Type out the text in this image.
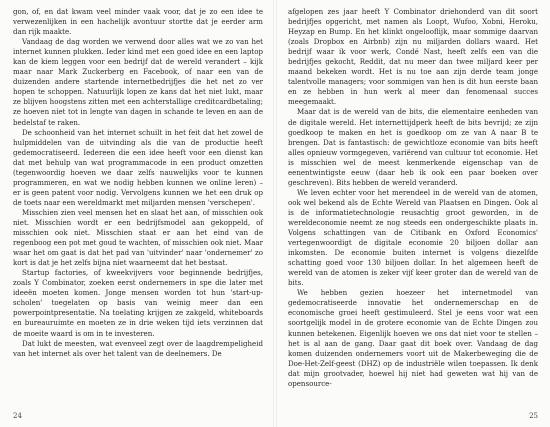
gon, of, en dat kwam veel minder vaak voor, dat je zo een idee te verwezenlijken in een hachelijk avontuur stortte dat je eerder arm dan rijk maakte.

Vandaag de dag worden we verwend door alles wat we zo van het internet kunnen plukken. Ieder kind met een goed idee en een laptop kan de kiem leggen voor een bedrijf dat de wereld verandert – kijk maar naar Mark Zuckerberg en Facebook, of naar een van de duizenden andere startende internetbedrijfjes die het net zo ver hopen te schoppen. Natuurlijk lopen ze kans dat het niet lukt, maar ze blijven hoogstens zitten met een achterstallige creditcardbetaling; ze hoeven niet tot in lengte van dagen in schande te leven en aan de bedelstaf te raken.

De schoonheid van het internet schuilt in het feit dat het zowel de hulpmiddelen van de uitvinding als die van de productie heeft gedemocratiseerd. Iedereen die een idee heeft voor een dienst kan dat met behulp van wat programmacode in een product omzetten (tegenwoordig hoeven we daar zelfs nauwelijks voor te kunnen programmeren, en wat we nodig hebben kunnen we online leren) – er is geen patent voor nodig. Vervolgens kunnen we het een druk op de toets naar een wereldmarkt met miljarden mensen 'verschepen'.

Misschien zien veel mensen het en slaat het aan, of misschien ook niet. Misschien wordt er een bedrijfsmodel aan gekoppeld, of misschien ook niet. Misschien staat er aan het eind van de regenboog een pot met goud te wachten, of misschien ook niet. Maar waar het om gaat is dat het pad van 'uitvinder' naar 'ondernemer' zo kort is dat je het zelfs bijna niet waarneemt dat het bestaat.

Startup factories, of kweekvijvers voor beginnende bedrijfjes, zoals Y Combinator, zoeken eerst ondernemers in spe die later met ideeën moeten komen. Jonge mensen worden tot hun 'start-up-scholen' toegelaten op basis van weinig meer dan een powerpointpresentatie. Na toelating krijgen ze zakgeld, whiteboards en bureauruimte en moeten ze in drie weken tijd iets verzinnen dat de moeite waard is om in te investeren.

Dat lukt de meesten, wat evenveel zegt over de laagdrempeligheid van het internet als over het talent van de deelnemers. De

24

afgelopen zes jaar heeft Y Combinator driehonderd van dit soort bedrijfjes opgericht, met namen als Loopt, Wufoo, Xobni, Heroku, Heyzap en Bump. En het klinkt ongelooflijk, maar sommige daarvan (zoals Dropbox en Airbnb) zijn nu miljarden dollars waard. Het bedrijf waar ik voor werk, Condé Nast, heeft zelfs een van die bedrijfjes gekocht, Reddit, dat nu meer dan twee miljard keer per maand bekeken wordt. Het is nu toe aan zijn derde team jonge talentvolle managers; voor sommigen van hen is dit hun eerste baan en ze hebben in hun werk al meer dan fenomenaal succes meegemaakt.

Maar dat is de wereld van de bits, die elementaire eenheden van de digitale wereld. Het internettijdperk heeft de bits bevrijd; ze zijn goedkoop te maken en het is goedkoop om ze van A naar B te brengen. Dat is fantastisch: de gewichtloze economie van bits heeft alles opnieuw vormgegeven, variërend van cultuur tot economie. Het is misschien wel de meest kenmerkende eigenschap van de eenentwintigste eeuw (daar heb ik ook een paar boeken over geschreven). Bits hebben de wereld veranderd.

We leven echter voor het merendeel in de wereld van de atomen, ook wel bekend als de Echte Wereld van Plaatsen en Dingen. Ook al is de informatietechnologie reusachtig groot geworden, in de wereldeconomie neemt ze nog steeds een ondergeschikte plaats in. Volgens schattingen van de Citibank en Oxford Economics' vertegenwoordigt de digitale economie 20 biljoen dollar aan inkomsten. De economie buiten internet is volgens diezelfde schatting goed voor 130 biljoen dollar. In het algemeen heeft de wereld van de atomen is zeker vijf keer groter dan de wereld van de bits.

We hebben gezien hoezeer het internetmodel van gedemocratiseerde innovatie het ondernemerschap en de economische groei heeft gestimuleerd. Stel je eens voor wat een soortgelijk model in de grotere economie van de Echte Dingen zou kunnen betekenen. Eigenlijk hoeven we ons dat niet voor te stellen – het is al aan de gang. Daar gaat dit boek over. Vandaag de dag komen duizenden ondernemers voort uit de Makerbeweging die de Doe-Het-Zelf-geest (DHZ) op de industriële wilen toepassen. Ik denk dat mijn grootvader, hoewel hij niet had geweten wat hij van de opensource-

25
